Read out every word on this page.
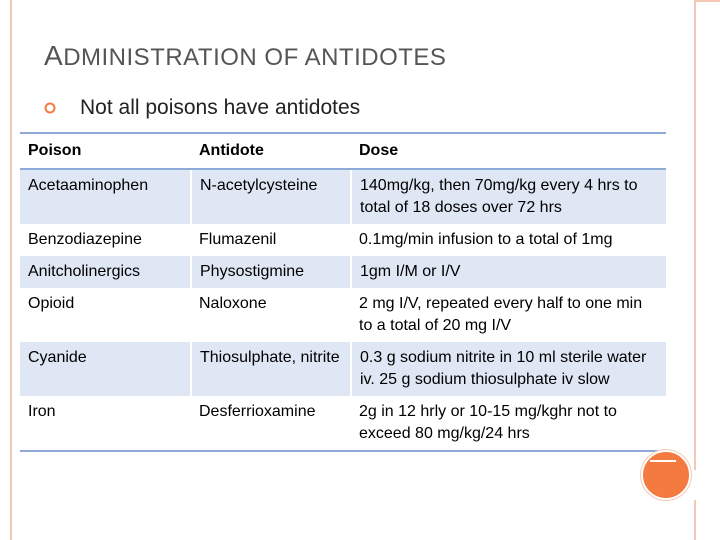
ADMINISTRATION OF ANTIDOTES
Not all poisons have antidotes
Poison	Antidote	Dose
Acetaaminophen	N-acetylcysteine	140mg/kg, then 70mg/kg every 4 hrs to total of 18 doses over 72 hrs
Benzodiazepine	Flumazenil	0.1mg/min infusion to a total of 1mg
Anitcholinergics	Physostigmine	1gm I/M or I/V
Opioid	Naloxone	2 mg I/V, repeated every half to one min to a total of 20 mg I/V
Cyanide	Thiosulphate, nitrite	0.3 g sodium nitrite in 10 ml sterile water iv. 25 g sodium thiosulphate iv slow
Iron	Desferrioxamine	2g in 12 hrly or 10-15 mg/kghr not to exceed 80 mg/kg/24 hrs
